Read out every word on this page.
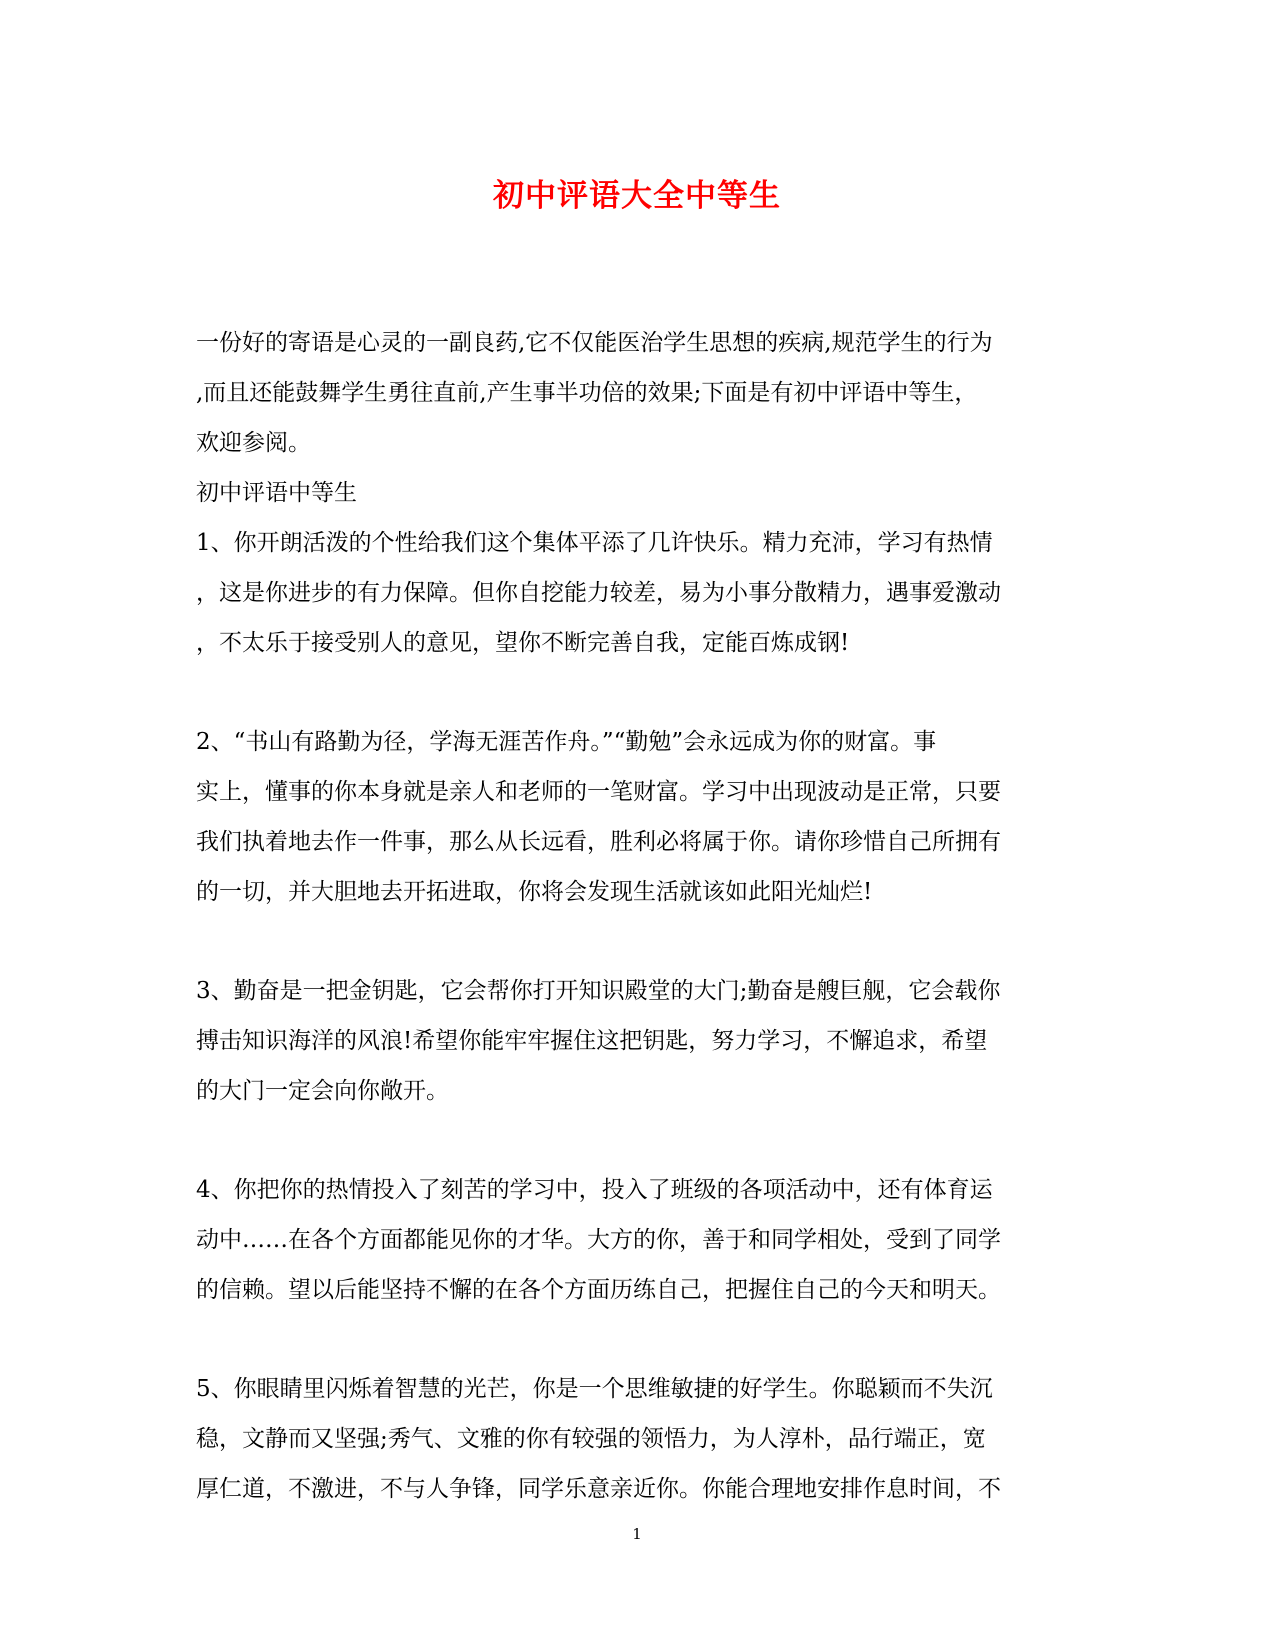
初中评语大全中等生
一份好的寄语是心灵的一副良药,它不仅能医治学生思想的疾病,规范学生的行为
,而且还能鼓舞学生勇往直前,产生事半功倍的效果;下面是有初中评语中等生，
欢迎参阅。
初中评语中等生
1、你开朗活泼的个性给我们这个集体平添了几许快乐。精力充沛，学习有热情
，这是你进步的有力保障。但你自挖能力较差，易为小事分散精力，遇事爱激动
，不太乐于接受别人的意见，望你不断完善自我，定能百炼成钢!
2、“书山有路勤为径，学海无涯苦作舟。”“勤勉”会永远成为你的财富。事
实上，懂事的你本身就是亲人和老师的一笔财富。学习中出现波动是正常，只要
我们执着地去作一件事，那么从长远看，胜利必将属于你。请你珍惜自己所拥有
的一切，并大胆地去开拓进取，你将会发现生活就该如此阳光灿烂!
3、勤奋是一把金钥匙，它会帮你打开知识殿堂的大门;勤奋是艘巨舰，它会载你
搏击知识海洋的风浪!希望你能牢牢握住这把钥匙，努力学习，不懈追求，希望
的大门一定会向你敞开。
4、你把你的热情投入了刻苦的学习中，投入了班级的各项活动中，还有体育运
动中……在各个方面都能见你的才华。大方的你，善于和同学相处，受到了同学
的信赖。望以后能坚持不懈的在各个方面历练自己，把握住自己的今天和明天。
5、你眼睛里闪烁着智慧的光芒，你是一个思维敏捷的好学生。你聪颖而不失沉
稳，文静而又坚强;秀气、文雅的你有较强的领悟力，为人淳朴，品行端正，宽
厚仁道，不激进，不与人争锋，同学乐意亲近你。你能合理地安排作息时间，不

1
